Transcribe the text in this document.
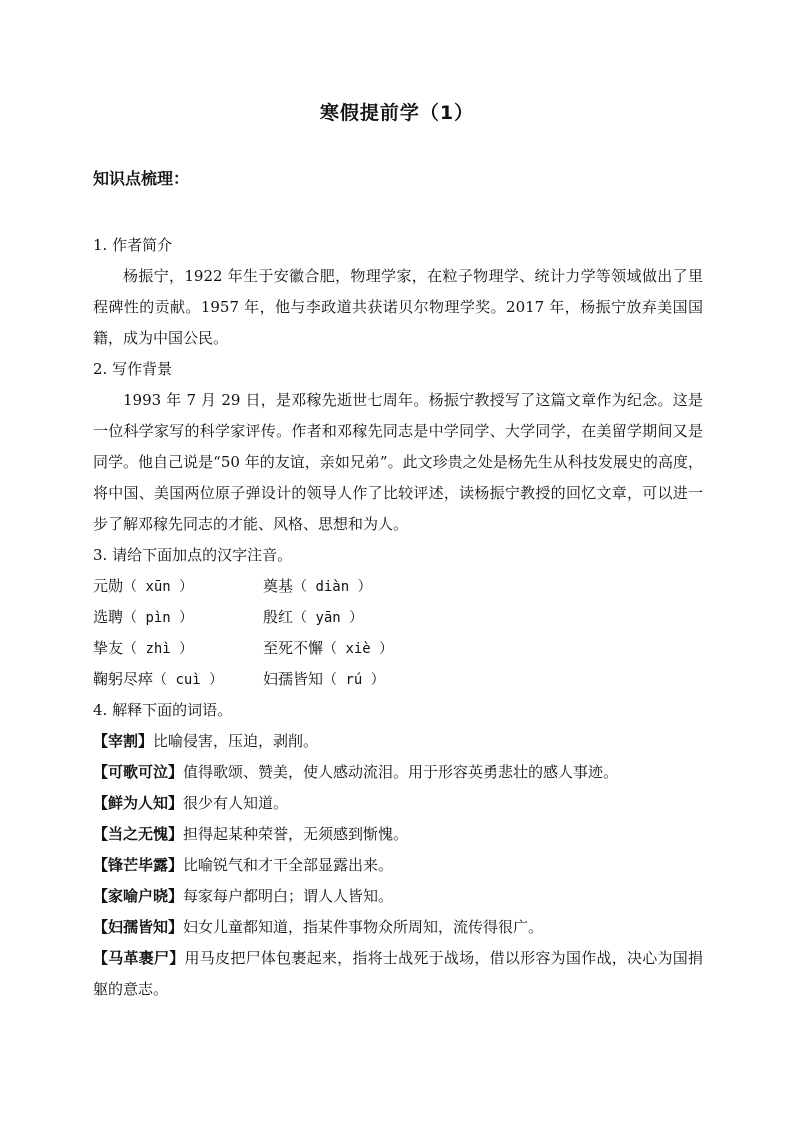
寒假提前学（1）
知识点梳理：
1. 作者简介
杨振宁，1922 年生于安徽合肥，物理学家，在粒子物理学、统计力学等领域做出了里程碑性的贡献。1957 年，他与李政道共获诺贝尔物理学奖。2017 年，杨振宁放弃美国国籍，成为中国公民。
2. 写作背景
1993 年 7 月 29 日，是邓稼先逝世七周年。杨振宁教授写了这篇文章作为纪念。这是一位科学家写的科学家评传。作者和邓稼先同志是中学同学、大学同学，在美留学期间又是同学。他自己说是“50 年的友谊，亲如兄弟”。此文珍贵之处是杨先生从科技发展史的高度，将中国、美国两位原子弹设计的领导人作了比较评述，读杨振宁教授的回忆文章，可以进一步了解邓稼先同志的才能、风格、思想和为人。
3. 请给下面加点的汉字注音。
元勋（ xūn ）	奠基（ diàn ）
选聘（ pìn ）	殷红（ yān ）
挚友（ zhì ）	至死不懈（ xiè ）
鞠躬尽瘁（ cuì ）	妇孺皆知（ rú ）
4. 解释下面的词语。
【宰割】比喻侵害，压迫，剥削。
【可歌可泣】值得歌颂、赞美，使人感动流泪。用于形容英勇悲壮的感人事迹。
【鲜为人知】很少有人知道。
【当之无愧】担得起某种荣誉，无须感到惭愧。
【锋芒毕露】比喻锐气和才干全部显露出来。
【家喻户晓】每家每户都明白；谓人人皆知。
【妇孺皆知】妇女儿童都知道，指某件事物众所周知，流传得很广。
【马革裹尸】用马皮把尸体包裹起来，指将士战死于战场，借以形容为国作战，决心为国捐躯的意志。
